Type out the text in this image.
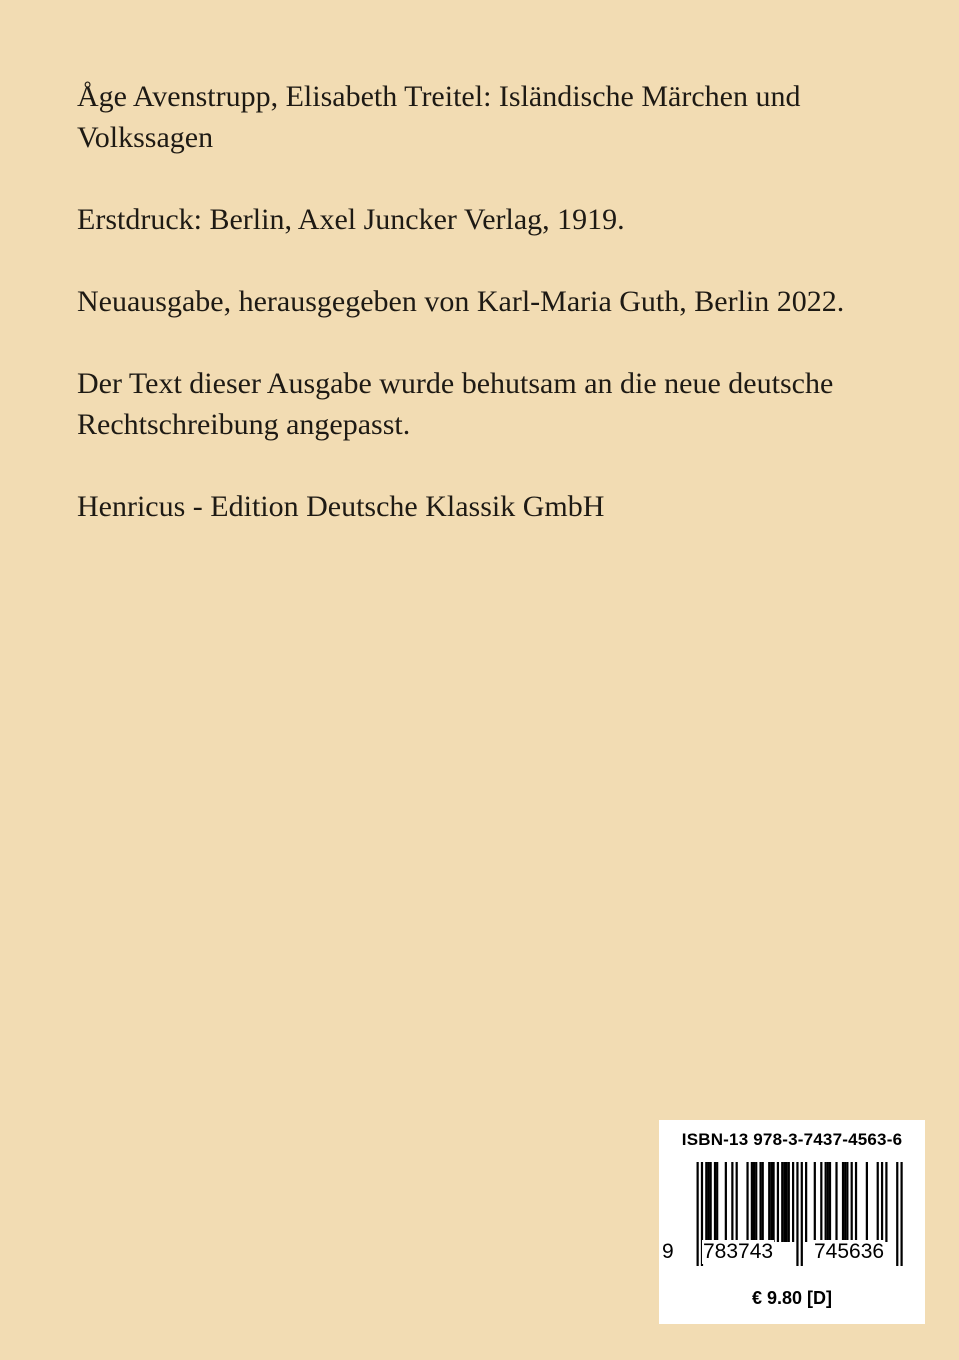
Åge Avenstrupp, Elisabeth Treitel: Isländische Märchen und Volkssagen

Erstdruck: Berlin, Axel Juncker Verlag, 1919.

Neuausgabe, herausgegeben von Karl-Maria Guth, Berlin 2022.

Der Text dieser Ausgabe wurde behutsam an die neue deutsche Rechtschreibung angepasst.

Henricus - Edition Deutsche Klassik GmbH

ISBN-13 978-3-7437-4563-6
9 783743 745636
€ 9.80 [D]
